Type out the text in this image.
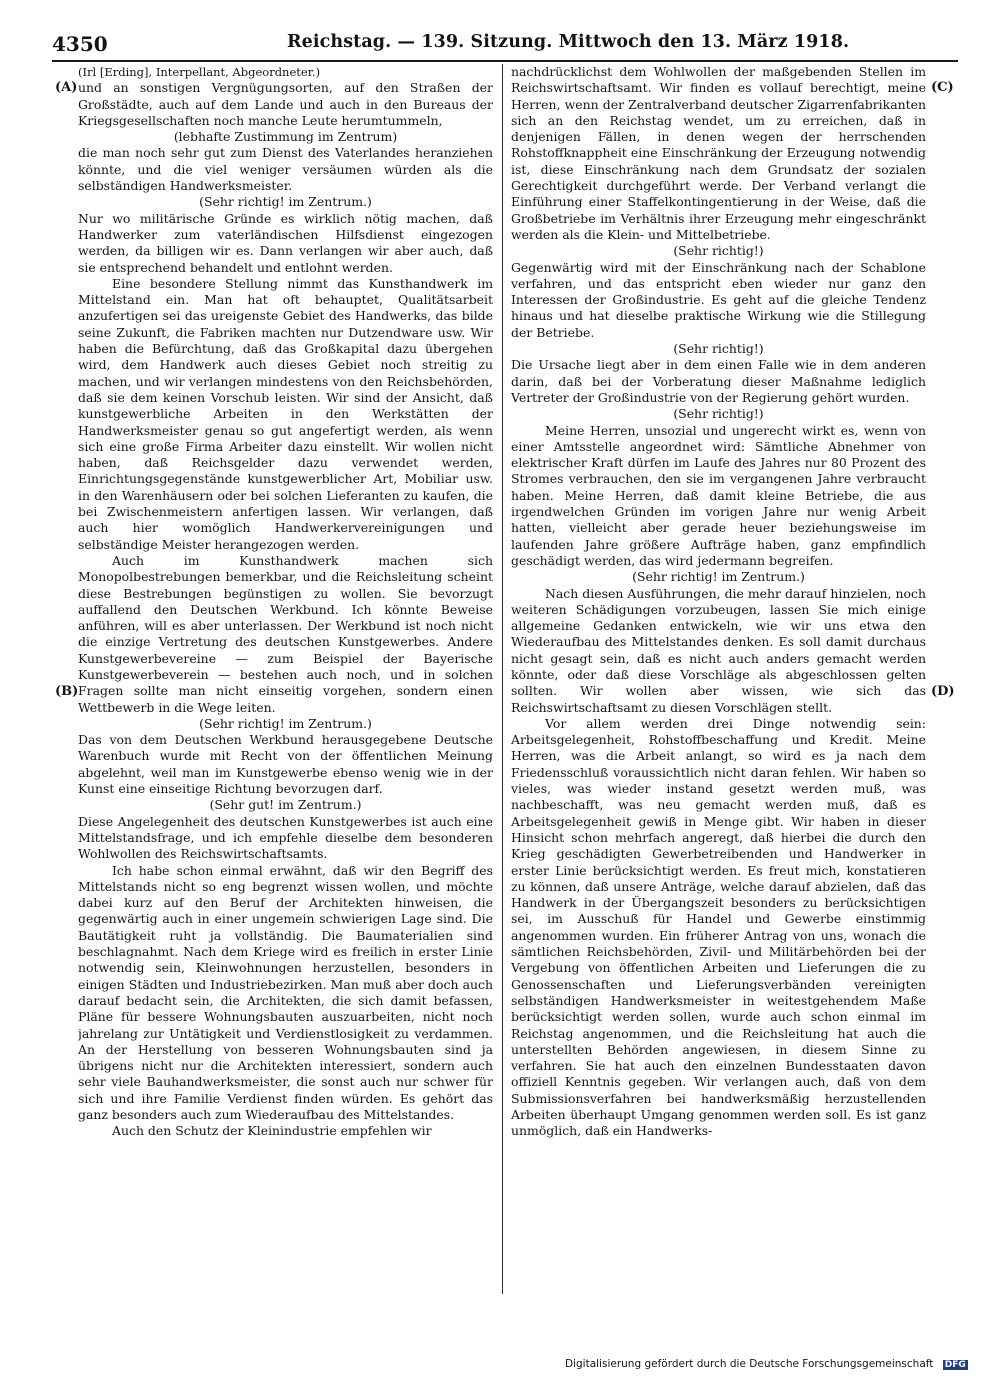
4350	Reichstag. — 139. Sitzung. Mittwoch den 13. März 1918.
(A)
(B)
(C)
(D)

(Irl [Erding], Interpellant, Abgeordneter.)

und an sonstigen Vergnügungsorten, auf den Straßen der Großstädte, auch auf dem Lande und auch in den Bureaus der Kriegsgesellschaften noch manche Leute herumtummeln,

(lebhafte Zustimmung im Zentrum)

die man noch sehr gut zum Dienst des Vaterlandes heranziehen könnte, und die viel weniger versäumen würden als die selbständigen Handwerksmeister.

(Sehr richtig! im Zentrum.)

Nur wo militärische Gründe es wirklich nötig machen, daß Handwerker zum vaterländischen Hilfsdienst eingezogen werden, da billigen wir es. Dann verlangen wir aber auch, daß sie entsprechend behandelt und entlohnt werden.

Eine besondere Stellung nimmt das Kunsthandwerk im Mittelstand ein. Man hat oft behauptet, Qualitätsarbeit anzufertigen sei das ureigenste Gebiet des Handwerks, das bilde seine Zukunft, die Fabriken machten nur Dutzendware usw. Wir haben die Befürchtung, daß das Großkapital dazu übergehen wird, dem Handwerk auch dieses Gebiet noch streitig zu machen, und wir verlangen mindestens von den Reichsbehörden, daß sie dem keinen Vorschub leisten. Wir sind der Ansicht, daß kunstgewerbliche Arbeiten in den Werkstätten der Handwerksmeister genau so gut angefertigt werden, als wenn sich eine große Firma Arbeiter dazu einstellt. Wir wollen nicht haben, daß Reichsgelder dazu verwendet werden, Einrichtungsgegenstände kunstgewerblicher Art, Mobiliar usw. in den Warenhäusern oder bei solchen Lieferanten zu kaufen, die bei Zwischenmeistern anfertigen lassen. Wir verlangen, daß auch hier womöglich Handwerkervereinigungen und selbständige Meister herangezogen werden.

Auch im Kunsthandwerk machen sich Monopolbestrebungen bemerkbar, und die Reichsleitung scheint diese Bestrebungen begünstigen zu wollen. Sie bevorzugt auffallend den Deutschen Werkbund. Ich könnte Beweise anführen, will es aber unterlassen. Der Werkbund ist noch nicht die einzige Vertretung des deutschen Kunstgewerbes. Andere Kunstgewerbevereine — zum Beispiel der Bayerische Kunstgewerbeverein — bestehen auch noch, und in solchen Fragen sollte man nicht einseitig vorgehen, sondern einen Wettbewerb in die Wege leiten.

(Sehr richtig! im Zentrum.)

Das von dem Deutschen Werkbund herausgegebene Deutsche Warenbuch wurde mit Recht von der öffentlichen Meinung abgelehnt, weil man im Kunstgewerbe ebenso wenig wie in der Kunst eine einseitige Richtung bevorzugen darf.

(Sehr gut! im Zentrum.)

Diese Angelegenheit des deutschen Kunstgewerbes ist auch eine Mittelstandsfrage, und ich empfehle dieselbe dem besonderen Wohlwollen des Reichswirtschaftsamts.

Ich habe schon einmal erwähnt, daß wir den Begriff des Mittelstands nicht so eng begrenzt wissen wollen, und möchte dabei kurz auf den Beruf der Architekten hinweisen, die gegenwärtig auch in einer ungemein schwierigen Lage sind. Die Bautätigkeit ruht ja vollständig. Die Baumaterialien sind beschlagnahmt. Nach dem Kriege wird es freilich in erster Linie notwendig sein, Kleinwohnungen herzustellen, besonders in einigen Städten und Industriebezirken. Man muß aber doch auch darauf bedacht sein, die Architekten, die sich damit befassen, Pläne für bessere Wohnungsbauten auszuarbeiten, nicht noch jahrelang zur Untätigkeit und Verdienstlosigkeit zu verdammen. An der Herstellung von besseren Wohnungsbauten sind ja übrigens nicht nur die Architekten interessiert, sondern auch sehr viele Bauhandwerksmeister, die sonst auch nur schwer für sich und ihre Familie Verdienst finden würden. Es gehört das ganz besonders auch zum Wiederaufbau des Mittelstandes.

Auch den Schutz der Kleinindustrie empfehlen wir

nachdrücklichst dem Wohlwollen der maßgebenden Stellen im Reichswirtschaftsamt. Wir finden es vollauf berechtigt, meine Herren, wenn der Zentralverband deutscher Zigarrenfabrikanten sich an den Reichstag wendet, um zu erreichen, daß in denjenigen Fällen, in denen wegen der herrschenden Rohstoffknappheit eine Einschränkung der Erzeugung notwendig ist, diese Einschränkung nach dem Grundsatz der sozialen Gerechtigkeit durchgeführt werde. Der Verband verlangt die Einführung einer Staffelkontingentierung in der Weise, daß die Großbetriebe im Verhältnis ihrer Erzeugung mehr eingeschränkt werden als die Klein- und Mittelbetriebe.

(Sehr richtig!)

Gegenwärtig wird mit der Einschränkung nach der Schablone verfahren, und das entspricht eben wieder nur ganz den Interessen der Großindustrie. Es geht auf die gleiche Tendenz hinaus und hat dieselbe praktische Wirkung wie die Stillegung der Betriebe.

(Sehr richtig!)

Die Ursache liegt aber in dem einen Falle wie in dem anderen darin, daß bei der Vorberatung dieser Maßnahme lediglich Vertreter der Großindustrie von der Regierung gehört wurden.

(Sehr richtig!)

Meine Herren, unsozial und ungerecht wirkt es, wenn von einer Amtsstelle angeordnet wird: Sämtliche Abnehmer von elektrischer Kraft dürfen im Laufe des Jahres nur 80 Prozent des Stromes verbrauchen, den sie im vergangenen Jahre verbraucht haben. Meine Herren, daß damit kleine Betriebe, die aus irgendwelchen Gründen im vorigen Jahre nur wenig Arbeit hatten, vielleicht aber gerade heuer beziehungsweise im laufenden Jahre größere Aufträge haben, ganz empfindlich geschädigt werden, das wird jedermann begreifen.

(Sehr richtig! im Zentrum.)

Nach diesen Ausführungen, die mehr darauf hinzielen, noch weiteren Schädigungen vorzubeugen, lassen Sie mich einige allgemeine Gedanken entwickeln, wie wir uns etwa den Wiederaufbau des Mittelstandes denken. Es soll damit durchaus nicht gesagt sein, daß es nicht auch anders gemacht werden könnte, oder daß diese Vorschläge als abgeschlossen gelten sollten. Wir wollen aber wissen, wie sich das Reichswirtschaftsamt zu diesen Vorschlägen stellt.

Vor allem werden drei Dinge notwendig sein: Arbeitsgelegenheit, Rohstoffbeschaffung und Kredit. Meine Herren, was die Arbeit anlangt, so wird es ja nach dem Friedensschluß voraussichtlich nicht daran fehlen. Wir haben so vieles, was wieder instand gesetzt werden muß, was nachbeschafft, was neu gemacht werden muß, daß es Arbeitsgelegenheit gewiß in Menge gibt. Wir haben in dieser Hinsicht schon mehrfach angeregt, daß hierbei die durch den Krieg geschädigten Gewerbetreibenden und Handwerker in erster Linie berücksichtigt werden. Es freut mich, konstatieren zu können, daß unsere Anträge, welche darauf abzielen, daß das Handwerk in der Übergangszeit besonders zu berücksichtigen sei, im Ausschuß für Handel und Gewerbe einstimmig angenommen wurden. Ein früherer Antrag von uns, wonach die sämtlichen Reichsbehörden, Zivil- und Militärbehörden bei der Vergebung von öffentlichen Arbeiten und Lieferungen die zu Genossenschaften und Lieferungsverbänden vereinigten selbständigen Handwerksmeister in weitestgehendem Maße berücksichtigt werden sollen, wurde auch schon einmal im Reichstag angenommen, und die Reichsleitung hat auch die unterstellten Behörden angewiesen, in diesem Sinne zu verfahren. Sie hat auch den einzelnen Bundesstaaten davon offiziell Kenntnis gegeben. Wir verlangen auch, daß von dem Submissionsverfahren bei handwerksmäßig herzustellenden Arbeiten überhaupt Umgang genommen werden soll. Es ist ganz unmöglich, daß ein Handwerks-

Digitalisierung gefördert durch die Deutsche Forschungsgemeinschaft DFG
